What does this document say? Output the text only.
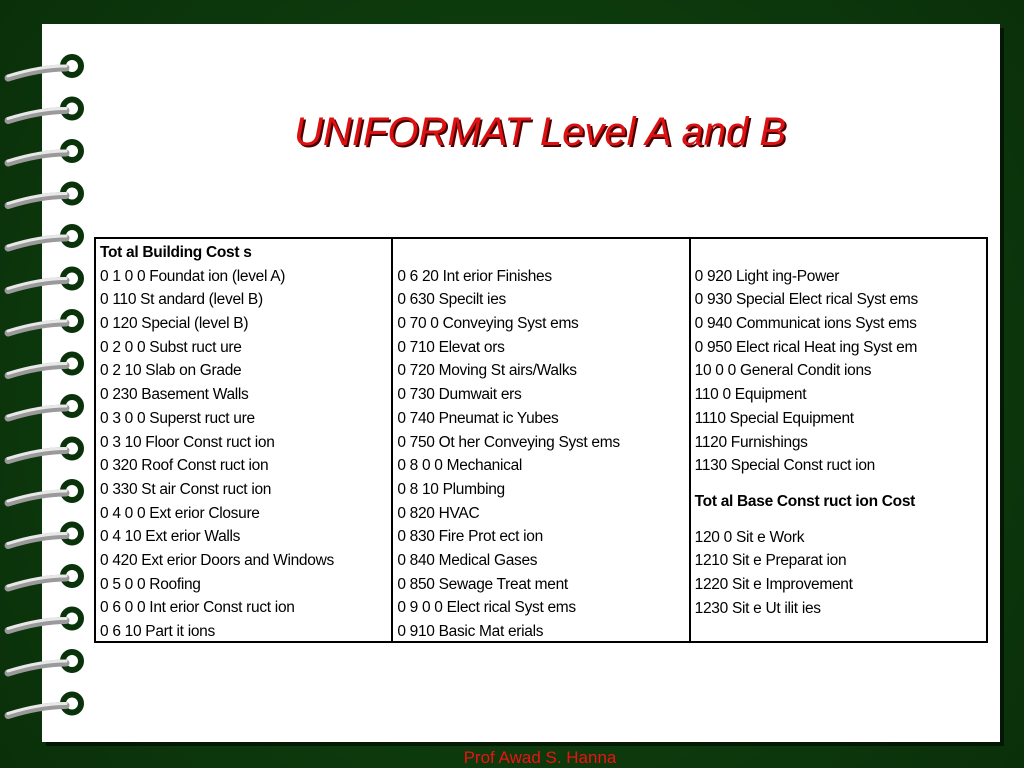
UNIFORMAT Level A and B
Tot al Building Cost s
0 1 0 0 Foundat ion (level A)
0 110 St andard (level B)
0 120 Special (level B)
0 2 0 0 Subst ruct ure
0 2 10 Slab on Grade
0 230 Basement Walls
0 3 0 0 Superst ruct ure
0 3 10 Floor Const ruct ion
0 320 Roof Const ruct ion
0 330 St air Const ruct ion
0 4 0 0 Ext erior Closure
0 4 10 Ext erior Walls
0 420 Ext erior Doors and Windows
0 5 0 0 Roofing
0 6 0 0 Int erior Const ruct ion
0 6 10 Part it ions
0 6 20 Int erior Finishes
0 630 Specilt ies
0 70 0 Conveying Syst ems
0 710 Elevat ors
0 720 Moving St airs/Walks
0 730 Dumwait ers
0 740 Pneumat ic Yubes
0 750 Ot her Conveying Syst ems
0 8 0 0 Mechanical
0 8 10 Plumbing
0 820 HVAC
0 830 Fire Prot ect ion
0 840 Medical Gases
0 850 Sewage Treat ment
0 9 0 0 Elect rical Syst ems
0 910 Basic Mat erials
0 920 Light ing-Power
0 930 Special Elect rical Syst ems
0 940 Communicat ions Syst ems
0 950 Elect rical Heat ing Syst em
10 0 0 General Condit ions
110 0 Equipment
1110 Special Equipment
1120 Furnishings
1130 Special Const ruct ion
Tot al Base Const ruct ion Cost
120 0 Sit e Work
1210 Sit e Preparat ion
1220 Sit e Improvement
1230 Sit e Ut ilit ies
Prof Awad S. Hanna
